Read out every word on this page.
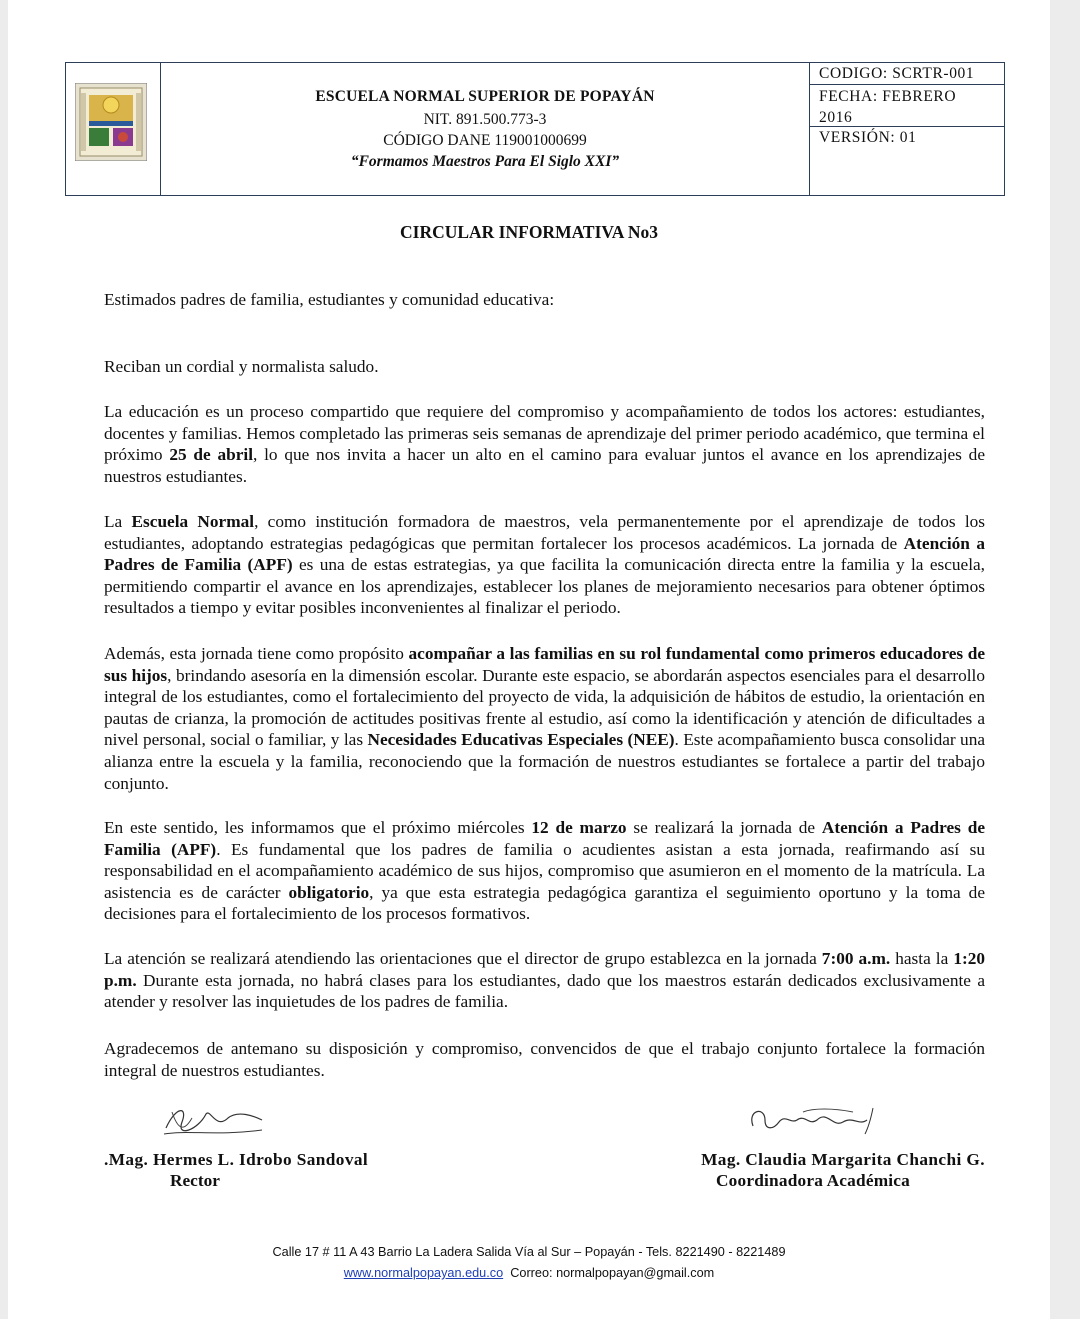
ESCUELA NORMAL SUPERIOR DE POPAYÁN
NIT. 891.500.773-3
CÓDIGO DANE 119001000699
“Formamos Maestros Para El Siglo XXI”
CODIGO: SCRTR-001
FECHA: FEBRERO
2016
VERSIÓN: 01
CIRCULAR INFORMATIVA No3
Estimados padres de familia, estudiantes y comunidad educativa:
Reciban un cordial y normalista saludo.
La educación es un proceso compartido que requiere del compromiso y acompañamiento de todos los actores: estudiantes, docentes y familias. Hemos completado las primeras seis semanas de aprendizaje del primer periodo académico, que termina el próximo 25 de abril, lo que nos invita a hacer un alto en el camino para evaluar juntos el avance en los aprendizajes de nuestros estudiantes.
La Escuela Normal, como institución formadora de maestros, vela permanentemente por el aprendizaje de todos los estudiantes, adoptando estrategias pedagógicas que permitan fortalecer los procesos académicos. La jornada de Atención a Padres de Familia (APF) es una de estas estrategias, ya que facilita la comunicación directa entre la familia y la escuela, permitiendo compartir el avance en los aprendizajes, establecer los planes de mejoramiento necesarios para obtener óptimos resultados a tiempo y evitar posibles inconvenientes al finalizar el periodo.
Además, esta jornada tiene como propósito acompañar a las familias en su rol fundamental como primeros educadores de sus hijos, brindando asesoría en la dimensión escolar. Durante este espacio, se abordarán aspectos esenciales para el desarrollo integral de los estudiantes, como el fortalecimiento del proyecto de vida, la adquisición de hábitos de estudio, la orientación en pautas de crianza, la promoción de actitudes positivas frente al estudio, así como la identificación y atención de dificultades a nivel personal, social o familiar, y las Necesidades Educativas Especiales (NEE). Este acompañamiento busca consolidar una alianza entre la escuela y la familia, reconociendo que la formación de nuestros estudiantes se fortalece a partir del trabajo conjunto.
En este sentido, les informamos que el próximo miércoles 12 de marzo se realizará la jornada de Atención a Padres de Familia (APF). Es fundamental que los padres de familia o acudientes asistan a esta jornada, reafirmando así su responsabilidad en el acompañamiento académico de sus hijos, compromiso que asumieron en el momento de la matrícula. La asistencia es de carácter obligatorio, ya que esta estrategia pedagógica garantiza el seguimiento oportuno y la toma de decisiones para el fortalecimiento de los procesos formativos.
La atención se realizará atendiendo las orientaciones que el director de grupo establezca en la jornada 7:00 a.m. hasta la 1:20 p.m. Durante esta jornada, no habrá clases para los estudiantes, dado que los maestros estarán dedicados exclusivamente a atender y resolver las inquietudes de los padres de familia.
Agradecemos de antemano su disposición y compromiso, convencidos de que el trabajo conjunto fortalece la formación integral de nuestros estudiantes.
.Mag. Hermes L. Idrobo Sandoval
Rector
Mag. Claudia Margarita Chanchi G.
Coordinadora Académica
Calle 17 # 11 A 43 Barrio La Ladera Salida Vía al Sur – Popayán - Tels. 8221490 - 8221489
www.normalpopayan.edu.co Correo: normalpopayan@gmail.com
